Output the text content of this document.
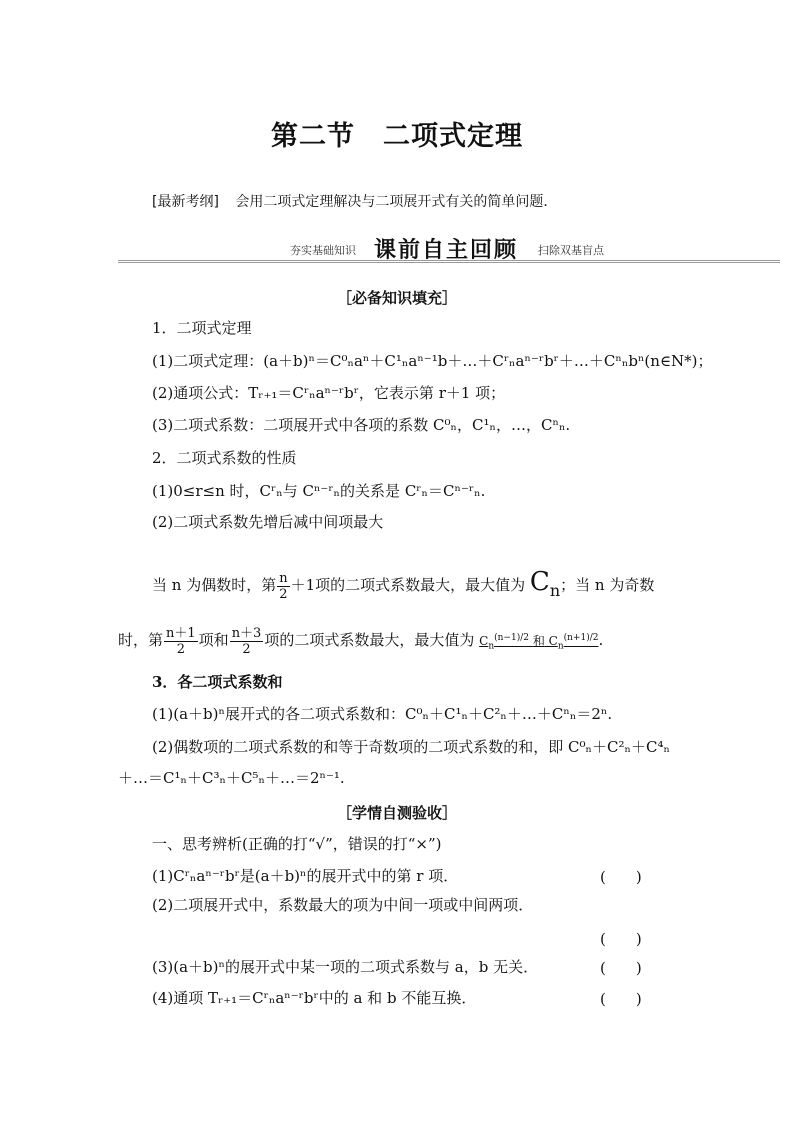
第二节　二项式定理
[最新考纲] 会用二项式定理解决与二项展开式有关的简单问题．
夯实基础知识 课前自主回顾 扫除双基盲点
［必备知识填充］
1．二项式定理
(1)二项式定理：(a＋b)ⁿ＝C⁰ₙaⁿ＋C¹ₙaⁿ⁻¹b＋…＋Cʳₙaⁿ⁻ʳbʳ＋…＋Cⁿₙbⁿ(n∈N*)；
(2)通项公式：Tᵣ₊₁＝Cʳₙaⁿ⁻ʳbʳ，它表示第 r＋1 项；
(3)二项式系数：二项展开式中各项的系数 C⁰ₙ，C¹ₙ，…，Cⁿₙ.
2．二项式系数的性质
(1)0≤r≤n 时，Cʳₙ与 Cⁿ⁻ʳₙ的关系是 Cʳₙ＝Cⁿ⁻ʳₙ.
(2)二项式系数先增后减中间项最大
当 n 为偶数时，第 $\frac{n}{2} +1$项的二项式系数最大，最大值为 $C_n$；当 n 为奇数
时，第 $\frac{n+1}{2}$ 项和 $\frac{n+3}{2}$ 项的二项式系数最大，最大值为 $C_n^{(n-1)/2}$ 和 $C_n^{(n+1)/2}$.
3．各二项式系数和
(1)(a＋b)ⁿ展开式的各二项式系数和：C⁰ₙ＋C¹ₙ＋C²ₙ＋…＋Cⁿₙ＝2ⁿ.
(2)偶数项的二项式系数的和等于奇数项的二项式系数的和，即 C⁰ₙ＋C²ₙ＋C⁴ₙ
＋…＝C¹ₙ＋C³ₙ＋C⁵ₙ＋…＝2ⁿ⁻¹.
［学情自测验收］
一、思考辨析(正确的打“√”，错误的打“×”)
(1)Cʳₙaⁿ⁻ʳbʳ是(a＋b)ⁿ的展开式中的第 r 项．	(　　)
(2)二项展开式中，系数最大的项为中间一项或中间两项．
(　　)
(3)(a＋b)ⁿ的展开式中某一项的二项式系数与 a，b 无关．	(　　)
(4)通项 Tᵣ₊₁＝Cʳₙaⁿ⁻ʳbʳ中的 a 和 b 不能互换．	(　　)
